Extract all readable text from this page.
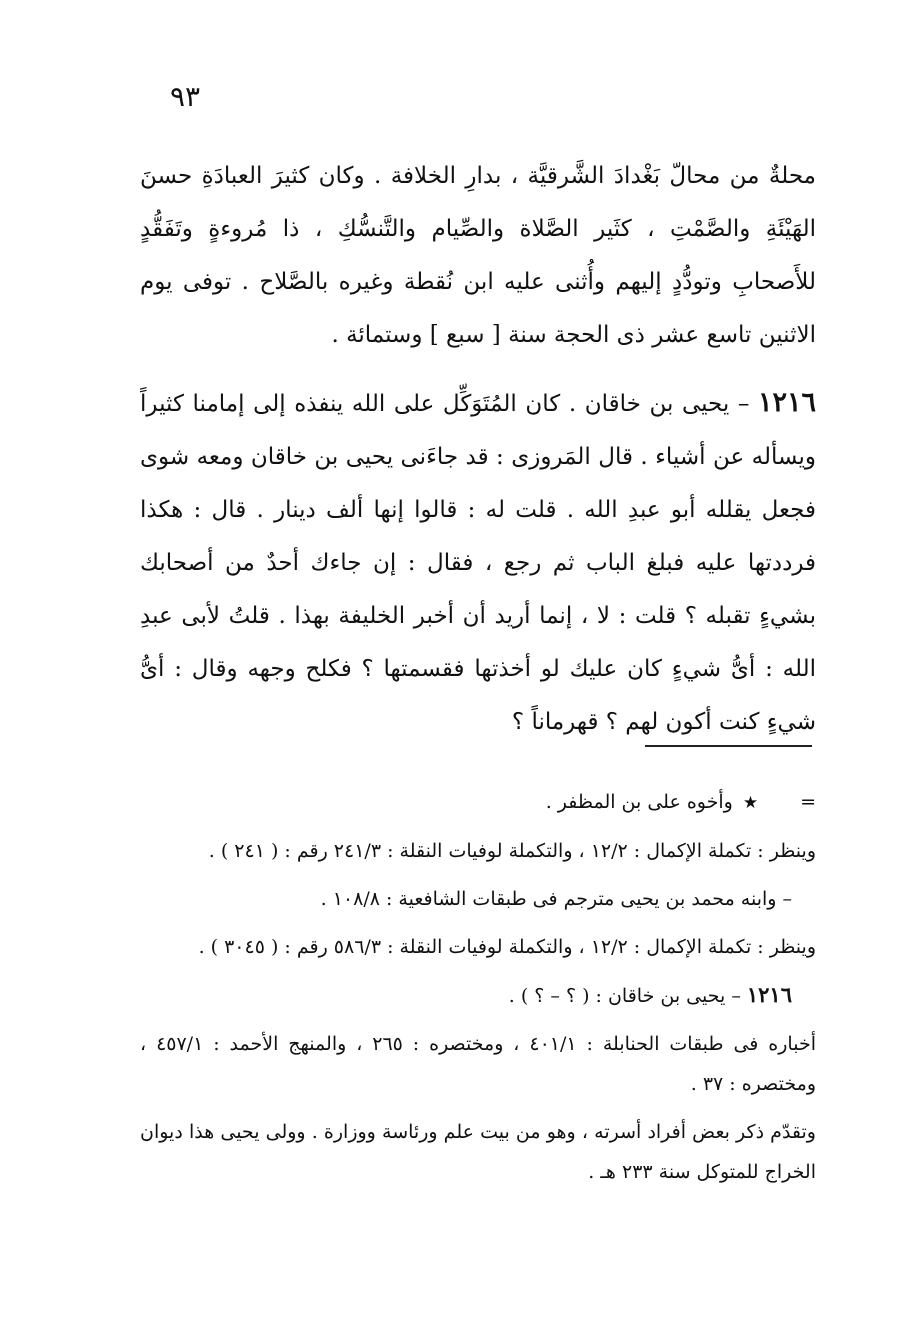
٩٣

محلةٌ من محالّ بَغْدادَ الشَّرقيَّة ، بدارِ الخلافة . وكان كثيرَ العبادَةِ حسنَ الهَيْئَةِ والصَّمْتِ ، كثَير الصَّلاة والصِّيام والتَّنسُّكِ ، ذا مُروءةٍ وتَفَقُّدٍ للأَصحابِ وتودُّدٍ إليهم وأُثنى عليه ابن نُقطة وغيره بالصَّلاح . توفى يوم الاثنين تاسع عشر ذى الحجة سنة [ سبع ] وستمائة .

١٢١٦ – يحيى بن خاقان . كان المُتَوَكِّل على الله ينفذه إلى إمامنا كثيراً ويسأله عن أشياء . قال المَروزى : قد جاءَنى يحيى بن خاقان ومعه شوى فجعل يقلله أبو عبدِ الله . قلت له : قالوا إنها ألف دينار . قال : هكذا فرددتها عليه فبلغ الباب ثم رجع ، فقال : إن جاءك أحدٌ من أصحابك بشيءٍ تقبله ؟ قلت : لا ، إنما أريد أن أخبر الخليفة بهذا . قلتُ لأبى عبدِ الله : أىُّ شيءٍ كان عليك لو أخذتها فقسمتها ؟ فكلح وجهه وقال : أىُّ شيءٍ كنت أكون لهم ؟ قهرماناً ؟

=★وأخوه على بن المظفر .

وينظر : تكملة الإكمال : ١٢/٢ ، والتكملة لوفيات النقلة : ٢٤١/٣ رقم : ( ٢٤١ ) .

– وابنه محمد بن يحيى مترجم فى طبقات الشافعية : ١٠٨/٨ .

وينظر : تكملة الإكمال : ١٢/٢ ، والتكملة لوفيات النقلة : ٥٨٦/٣ رقم : ( ٣٠٤٥ ) .

١٢١٦ – يحيى بن خاقان : ( ؟ – ؟ ) .

أخباره فى طبقات الحنابلة : ٤٠١/١ ، ومختصره : ٢٦٥ ، والمنهج الأحمد : ٤٥٧/١ ، ومختصره : ٣٧ .

وتقدّم ذكر بعض أفراد أسرته ، وهو من بيت علم ورئاسة ووزارة . وولى يحيى هذا ديوان الخراج للمتوكل سنة ٢٣٣ هـ .
